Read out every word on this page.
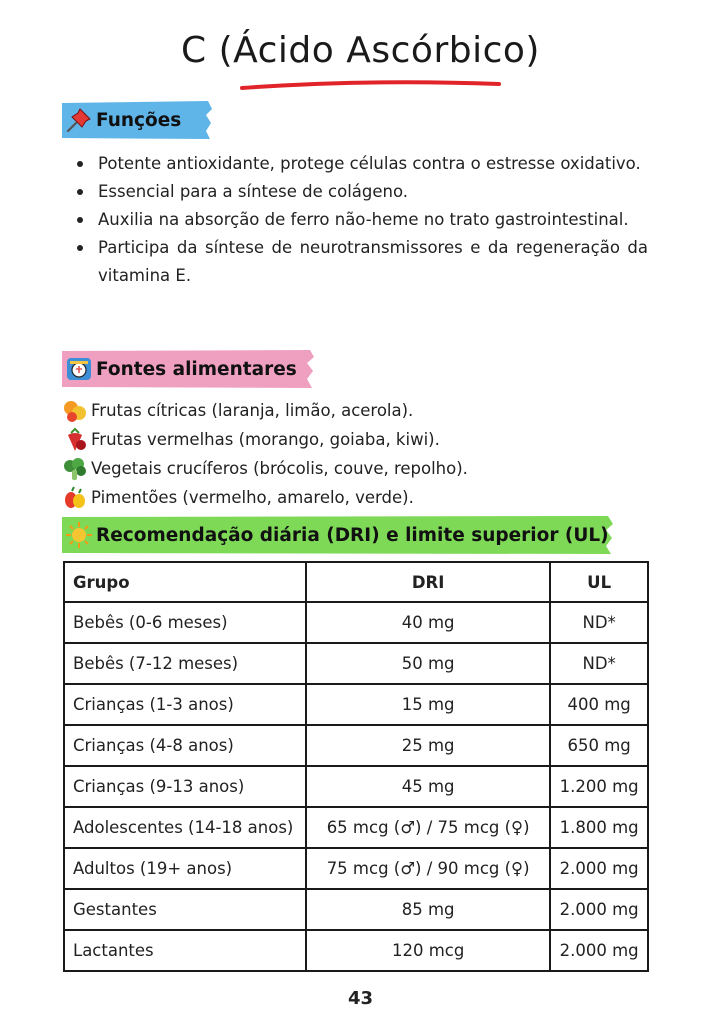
C (Ácido Ascórbico)
Funções
Potente antioxidante, protege células contra o estresse oxidativo.
Essencial para a síntese de colágeno.
Auxilia na absorção de ferro não-heme no trato gastrointestinal.
Participa da síntese de neurotransmissores e da regeneração da vitamina E.
Fontes alimentares
Frutas cítricas (laranja, limão, acerola).
Frutas vermelhas (morango, goiaba, kiwi).
Vegetais crucíferos (brócolis, couve, repolho).
Pimentões (vermelho, amarelo, verde).
Recomendação diária (DRI) e limite superior (UL)
Grupo	DRI	UL
Bebês (0-6 meses)	40 mg	ND*
Bebês (7-12 meses)	50 mg	ND*
Crianças (1-3 anos)	15 mg	400 mg
Crianças (4-8 anos)	25 mg	650 mg
Crianças (9-13 anos)	45 mg	1.200 mg
Adolescentes (14-18 anos)	65 mcg (♂) / 75 mcg (♀)	1.800 mg
Adultos (19+ anos)	75 mcg (♂) / 90 mcg (♀)	2.000 mg
Gestantes	85 mg	2.000 mg
Lactantes	120 mcg	2.000 mg
43
